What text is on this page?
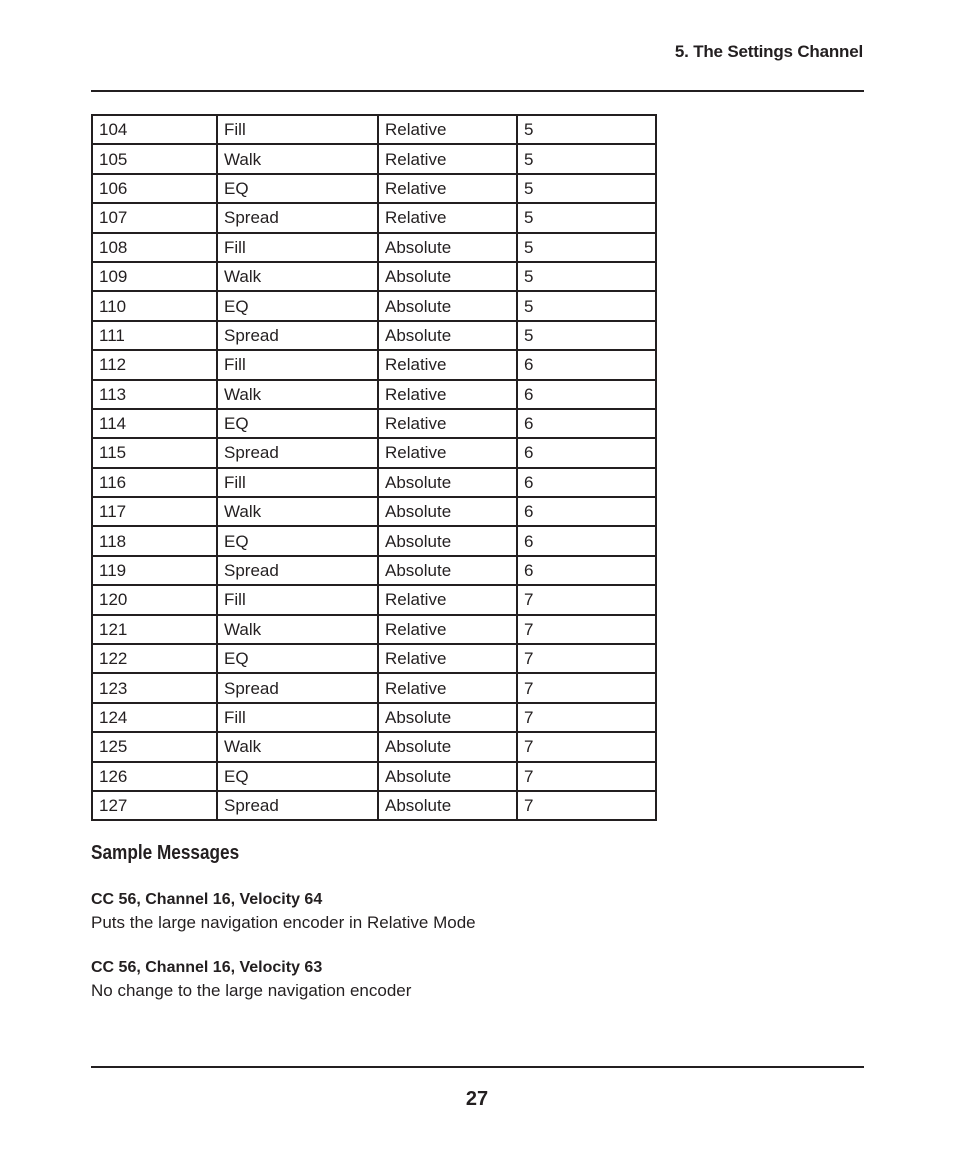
5. The Settings Channel
104	Fill	Relative	5
105	Walk	Relative	5
106	EQ	Relative	5
107	Spread	Relative	5
108	Fill	Absolute	5
109	Walk	Absolute	5
110	EQ	Absolute	5
111	Spread	Absolute	5
112	Fill	Relative	6
113	Walk	Relative	6
114	EQ	Relative	6
115	Spread	Relative	6
116	Fill	Absolute	6
117	Walk	Absolute	6
118	EQ	Absolute	6
119	Spread	Absolute	6
120	Fill	Relative	7
121	Walk	Relative	7
122	EQ	Relative	7
123	Spread	Relative	7
124	Fill	Absolute	7
125	Walk	Absolute	7
126	EQ	Absolute	7
127	Spread	Absolute	7
Sample Messages
CC 56, Channel 16, Velocity 64
Puts the large navigation encoder in Relative Mode
CC 56, Channel 16, Velocity 63
No change to the large navigation encoder
27
